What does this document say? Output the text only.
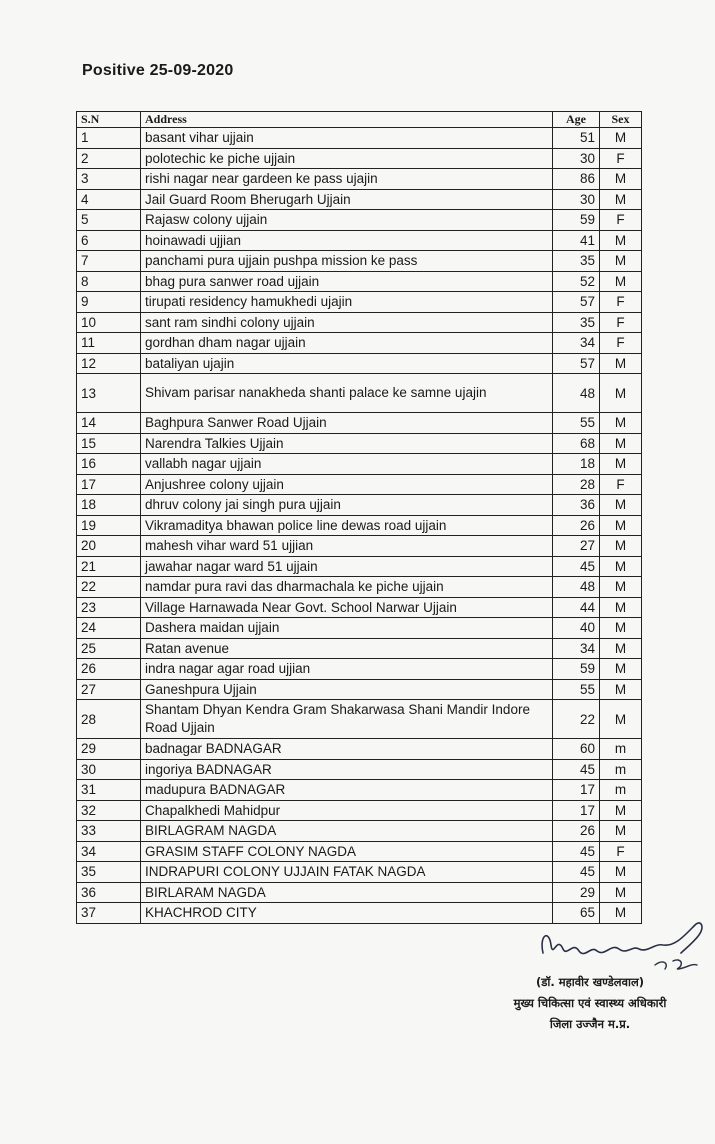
Positive 25-09-2020
S.N	Address	Age	Sex
1	basant vihar ujjain	51	M
2	polotechic ke piche ujjain	30	F
3	rishi nagar near gardeen ke pass ujajin	86	M
4	Jail Guard Room Bherugarh Ujjain	30	M
5	Rajasw colony ujjain	59	F
6	hoinawadi ujjian	41	M
7	panchami pura ujjain pushpa mission ke pass	35	M
8	bhag pura sanwer road ujjain	52	M
9	tirupati residency hamukhedi ujajin	57	F
10	sant ram sindhi colony ujjain	35	F
11	gordhan dham nagar ujjain	34	F
12	bataliyan ujajin	57	M
13	Shivam parisar nanakheda shanti palace ke samne ujajin	48	M
14	Baghpura Sanwer Road Ujjain	55	M
15	Narendra Talkies Ujjain	68	M
16	vallabh nagar ujjain	18	M
17	Anjushree colony ujjain	28	F
18	dhruv colony jai singh pura ujjain	36	M
19	Vikramaditya bhawan police line dewas road ujjain	26	M
20	mahesh vihar ward 51 ujjian	27	M
21	jawahar nagar ward 51 ujjain	45	M
22	namdar pura ravi das dharmachala ke piche ujjain	48	M
23	Village Harnawada Near Govt. School Narwar Ujjain	44	M
24	Dashera maidan ujjain	40	M
25	Ratan avenue	34	M
26	indra nagar agar road ujjian	59	M
27	Ganeshpura Ujjain	55	M
28	Shantam Dhyan Kendra Gram Shakarwasa Shani Mandir Indore Road Ujjain	22	M
29	badnagar BADNAGAR	60	m
30	ingoriya BADNAGAR	45	m
31	madupura BADNAGAR	17	m
32	Chapalkhedi Mahidpur	17	M
33	BIRLAGRAM NAGDA	26	M
34	GRASIM STAFF COLONY NAGDA	45	F
35	INDRAPURI COLONY UJJAIN FATAK NAGDA	45	M
36	BIRLARAM NAGDA	29	M
37	KHACHROD CITY	65	M
(डॉ. महावीर खण्डेलवाल)
मुख्य चिकित्सा एवं स्वास्थ्य अधिकारी
जिला उज्जैन म.प्र.
